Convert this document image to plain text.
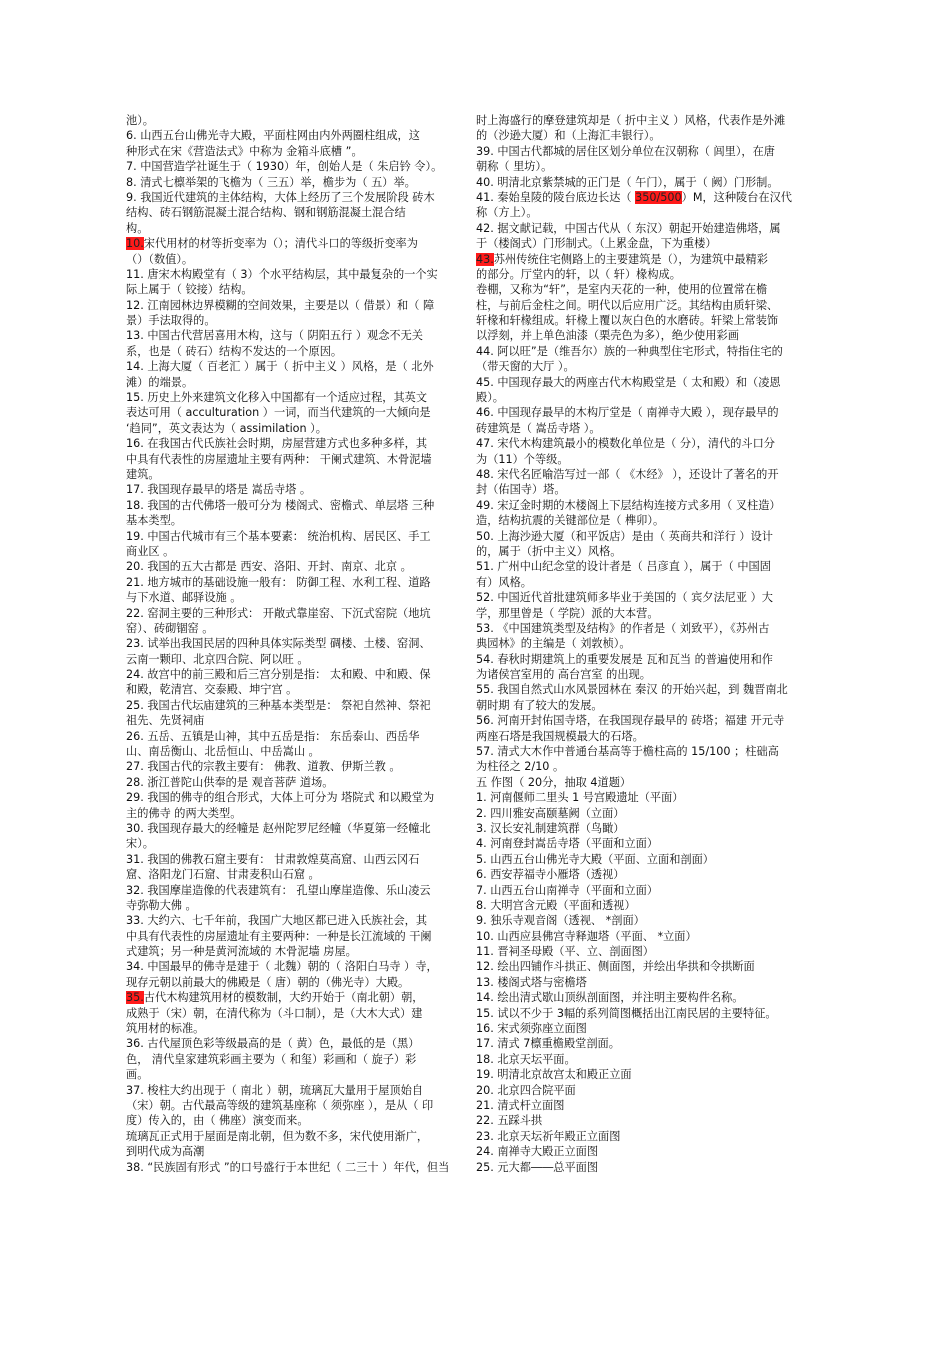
池）。
6. 山西五台山佛光寺大殿，平面柱网由内外两圈柱组成，这
种形式在宋《营造法式》中称为 金箱斗底槽 ”。
7. 中国营造学社诞生于（ 1930）年，创始人是（ 朱启钤 令）。
8. 清式七檩举架的飞檐为（ 三五）举，檐步为（ 五）举。
9. 我国近代建筑的主体结构，大体上经历了三个发展阶段 砖木
结构、砖石钢筋混凝土混合结构、钢和钢筋混凝土混合结
构。
10.宋代用材的材等折变率为（）；清代斗口的等级折变率为
（）（数值）。
11. 唐宋木构殿堂有（ 3）个水平结构层，其中最复杂的一个实
际上属于（ 铰接）结构。
12. 江南园林边界模糊的空间效果，主要是以（ 借景）和（ 障
景）手法取得的。
13. 中国古代营居喜用木构，这与（ 阴阳五行 ）观念不无关
系，也是（ 砖石）结构不发达的一个原因。
14. 上海大厦（ 百老汇 ）属于（ 折中主义 ）风格，是（ 北外
滩）的端景。
15. 历史上外来建筑文化移入中国都有一个适应过程，其英文
表达可用（ acculturation ）一词，而当代建筑的一大倾向是
‘趋同”，英文表达为（ assimilation ）。
16. 在我国古代氏族社会时期，房屋营建方式也多种多样，其
中具有代表性的房屋遗址主要有两种： 干阑式建筑、木骨泥墙
建筑。
17. 我国现存最早的塔是 嵩岳寺塔 。
18. 我国的古代佛塔一般可分为 楼阁式、密檐式、单层塔 三种
基本类型。
19. 中国古代城市有三个基本要素： 统治机构、居民区、手工
商业区 。
20. 我国的五大古都是 西安、洛阳、开封、南京、北京 。
21. 地方城市的基础设施一般有： 防御工程、水利工程、道路
与下水道、邮驿设施 。
22. 窑洞主要的三种形式： 开敞式靠崖窑、下沉式窑院（地坑
窑）、砖砌锢窑 。
23. 试举出我国民居的四种具体实际类型 碉楼、土楼、窑洞、
云南一颗印、北京四合院、阿以旺 。
24. 故宫中的前三殿和后三宫分别是指： 太和殿、中和殿、保
和殿，乾清宫、交泰殿、坤宁宫 。
25. 我国古代坛庙建筑的三种基本类型是： 祭祀自然神、祭祀
祖先、先贤祠庙
26. 五岳、五镇是山神，其中五岳是指： 东岳泰山、西岳华
山、南岳衡山、北岳恒山、中岳嵩山 。
27. 我国古代的宗教主要有： 佛教、道教、伊斯兰教 。
28. 浙江普陀山供奉的是 观音菩萨 道场。
29. 我国的佛寺的组合形式，大体上可分为 塔院式 和以殿堂为
主的佛寺 的两大类型。
30. 我国现存最大的经幢是 赵州陀罗尼经幢（华夏第一经幢北
宋）。
31. 我国的佛教石窟主要有： 甘肃敦煌莫高窟、山西云冈石
窟、洛阳龙门石窟、甘肃麦积山石窟 。
32. 我国摩崖造像的代表建筑有： 孔望山摩崖造像、乐山凌云
寺弥勒大佛 。
33. 大约六、七千年前，我国广大地区都已进入氏族社会，其
中具有代表性的房屋遗址有主要两种：一种是长江流域的 干阑
式建筑；另一种是黄河流域的 木骨泥墙 房屋。
34. 中国最早的佛寺是建于（ 北魏）朝的（ 洛阳白马寺 ）寺，
现存元朝以前最大的佛殿是（ 唐）朝的（佛光寺）大殿。
35.古代木构建筑用材的模数制，大约开始于（南北朝）朝，
成熟于（宋）朝，在清代称为（斗口制），是（大木大式）建
筑用材的标准。
36. 古代屋顶色彩等级最高的是（ 黄）色，最低的是（黑）
色， 清代皇家建筑彩画主要为（ 和玺）彩画和（ 旋子）彩
画。
37. 梭柱大约出现于（ 南北 ）朝，琉璃瓦大量用于屋顶始自
（宋）朝。古代最高等级的建筑基座称（ 须弥座 ），是从（ 印
度）传入的，由（ 佛座）演变而来。
琉璃瓦正式用于屋面是南北朝，但为数不多，宋代使用渐广，
到明代成为高潮
38. “民族固有形式 ”的口号盛行于本世纪（ 二三十 ）年代，但当
时上海盛行的摩登建筑却是（ 折中主义 ）风格，代表作是外滩
的（沙逊大厦）和（上海汇丰银行）。
39. 中国古代都城的居住区划分单位在汉朝称（ 闾里），在唐
朝称（ 里坊）。
40. 明清北京紫禁城的正门是（ 午门），属于（ 阙）门形制。
41. 秦始皇陵的陵台底边长达（ 350/500）M，这种陵台在汉代
称（方上）。
42. 据文献记载，中国古代从（ 东汉）朝起开始建造佛塔，属
于（楼阁式）门形制式。（上累金盘，下为重楼）
43.苏州传统住宅侧路上的主要建筑是（），为建筑中最精彩
的部分。厅堂内的轩，以（ 轩）椽构成。
卷棚，又称为“轩”，是室内天花的一种，使用的位置常在檐
柱，与前后金柱之间。明代以后应用广泛。其结构由质轩梁、
轩椽和轩椽组成。轩椽上覆以灰白色的水磨砖。轩梁上常装饰
以浮刻，并上单色油漆（栗壳色为多），绝少使用彩画
44. 阿以旺”是（维吾尔）族的一种典型住宅形式，特指住宅的
（带天窗的大厅 ）。
45. 中国现存最大的两座古代木构殿堂是（ 太和殿）和（凌恩
殿）。
46. 中国现存最早的木构厅堂是（ 南禅寺大殿 ），现存最早的
砖建筑是（ 嵩岳寺塔 ）。
47. 宋代木构建筑最小的模数化单位是（ 分），清代的斗口分
为（11）个等级。
48. 宋代名匠喻浩写过一部（ 《木经》 ），还设计了著名的开
封（佑国寺）塔。
49. 宋辽金时期的木楼阁上下层结构连接方式多用（ 叉柱造）
造，结构抗震的关键部位是（ 榫卯）。
50. 上海沙逊大厦（和平饭店）是由（ 英商共和洋行 ）设计
的，属于（折中主义）风格。
51. 广州中山纪念堂的设计者是（ 吕彦直 ），属于（ 中国固
有）风格。
52. 中国近代首批建筑师多毕业于美国的（ 宾夕法尼亚 ）大
学，那里曾是（ 学院）派的大本营。
53. 《中国建筑类型及结构》的作者是（ 刘致平），《苏州古
典园林》的主编是（ 刘敦桢）。
54. 春秋时期建筑上的重要发展是 瓦和瓦当 的普遍使用和作
为诸侯宫室用的 高台宫室 的出现。
55. 我国自然式山水风景园林在 秦汉 的开始兴起，到 魏晋南北
朝时期 有了较大的发展。
56. 河南开封佑国寺塔，在我国现存最早的 砖塔；福建 开元寺
两座石塔是我国规模最大的石塔。
57. 清式大木作中普通台基高等于檐柱高的 15/100 ；柱础高
为柱径之 2/10 。
五 作图（ 20分，抽取 4道题）
1. 河南偃师二里头 1 号宫殿遗址（平面）
2. 四川雅安高颐墓阙（立面）
3. 汉长安礼制建筑群（鸟瞰）
4. 河南登封嵩岳寺塔（平面和立面）
5. 山西五台山佛光寺大殿（平面、立面和剖面）
6. 西安荐福寺小雁塔（透视）
7. 山西五台山南禅寺（平面和立面）
8. 大明宫含元殿（平面和透视）
9. 独乐寺观音阁（透视、 *剖面）
10. 山西应县佛宫寺释迦塔（平面、 *立面）
11. 晋祠圣母殿（平、立、剖面图）
12. 绘出四铺作斗拱正、侧面图，并绘出华拱和令拱断面
13. 楼阁式塔与密檐塔
14. 绘出清式歇山顶纵剖面图，并注明主要构件名称。
15. 试以不少于 3幅的系列简图概括出江南民居的主要特征。
16. 宋式须弥座立面图
17. 清式 7檩重檐殿堂剖面。
18. 北京天坛平面。
19. 明清北京故宫太和殿正立面
20. 北京四合院平面
21. 清式杆立面图
22. 五踩斗拱
23. 北京天坛祈年殿正立面图
24. 南禅寺大殿正立面图
25. 元大都――总平面图
